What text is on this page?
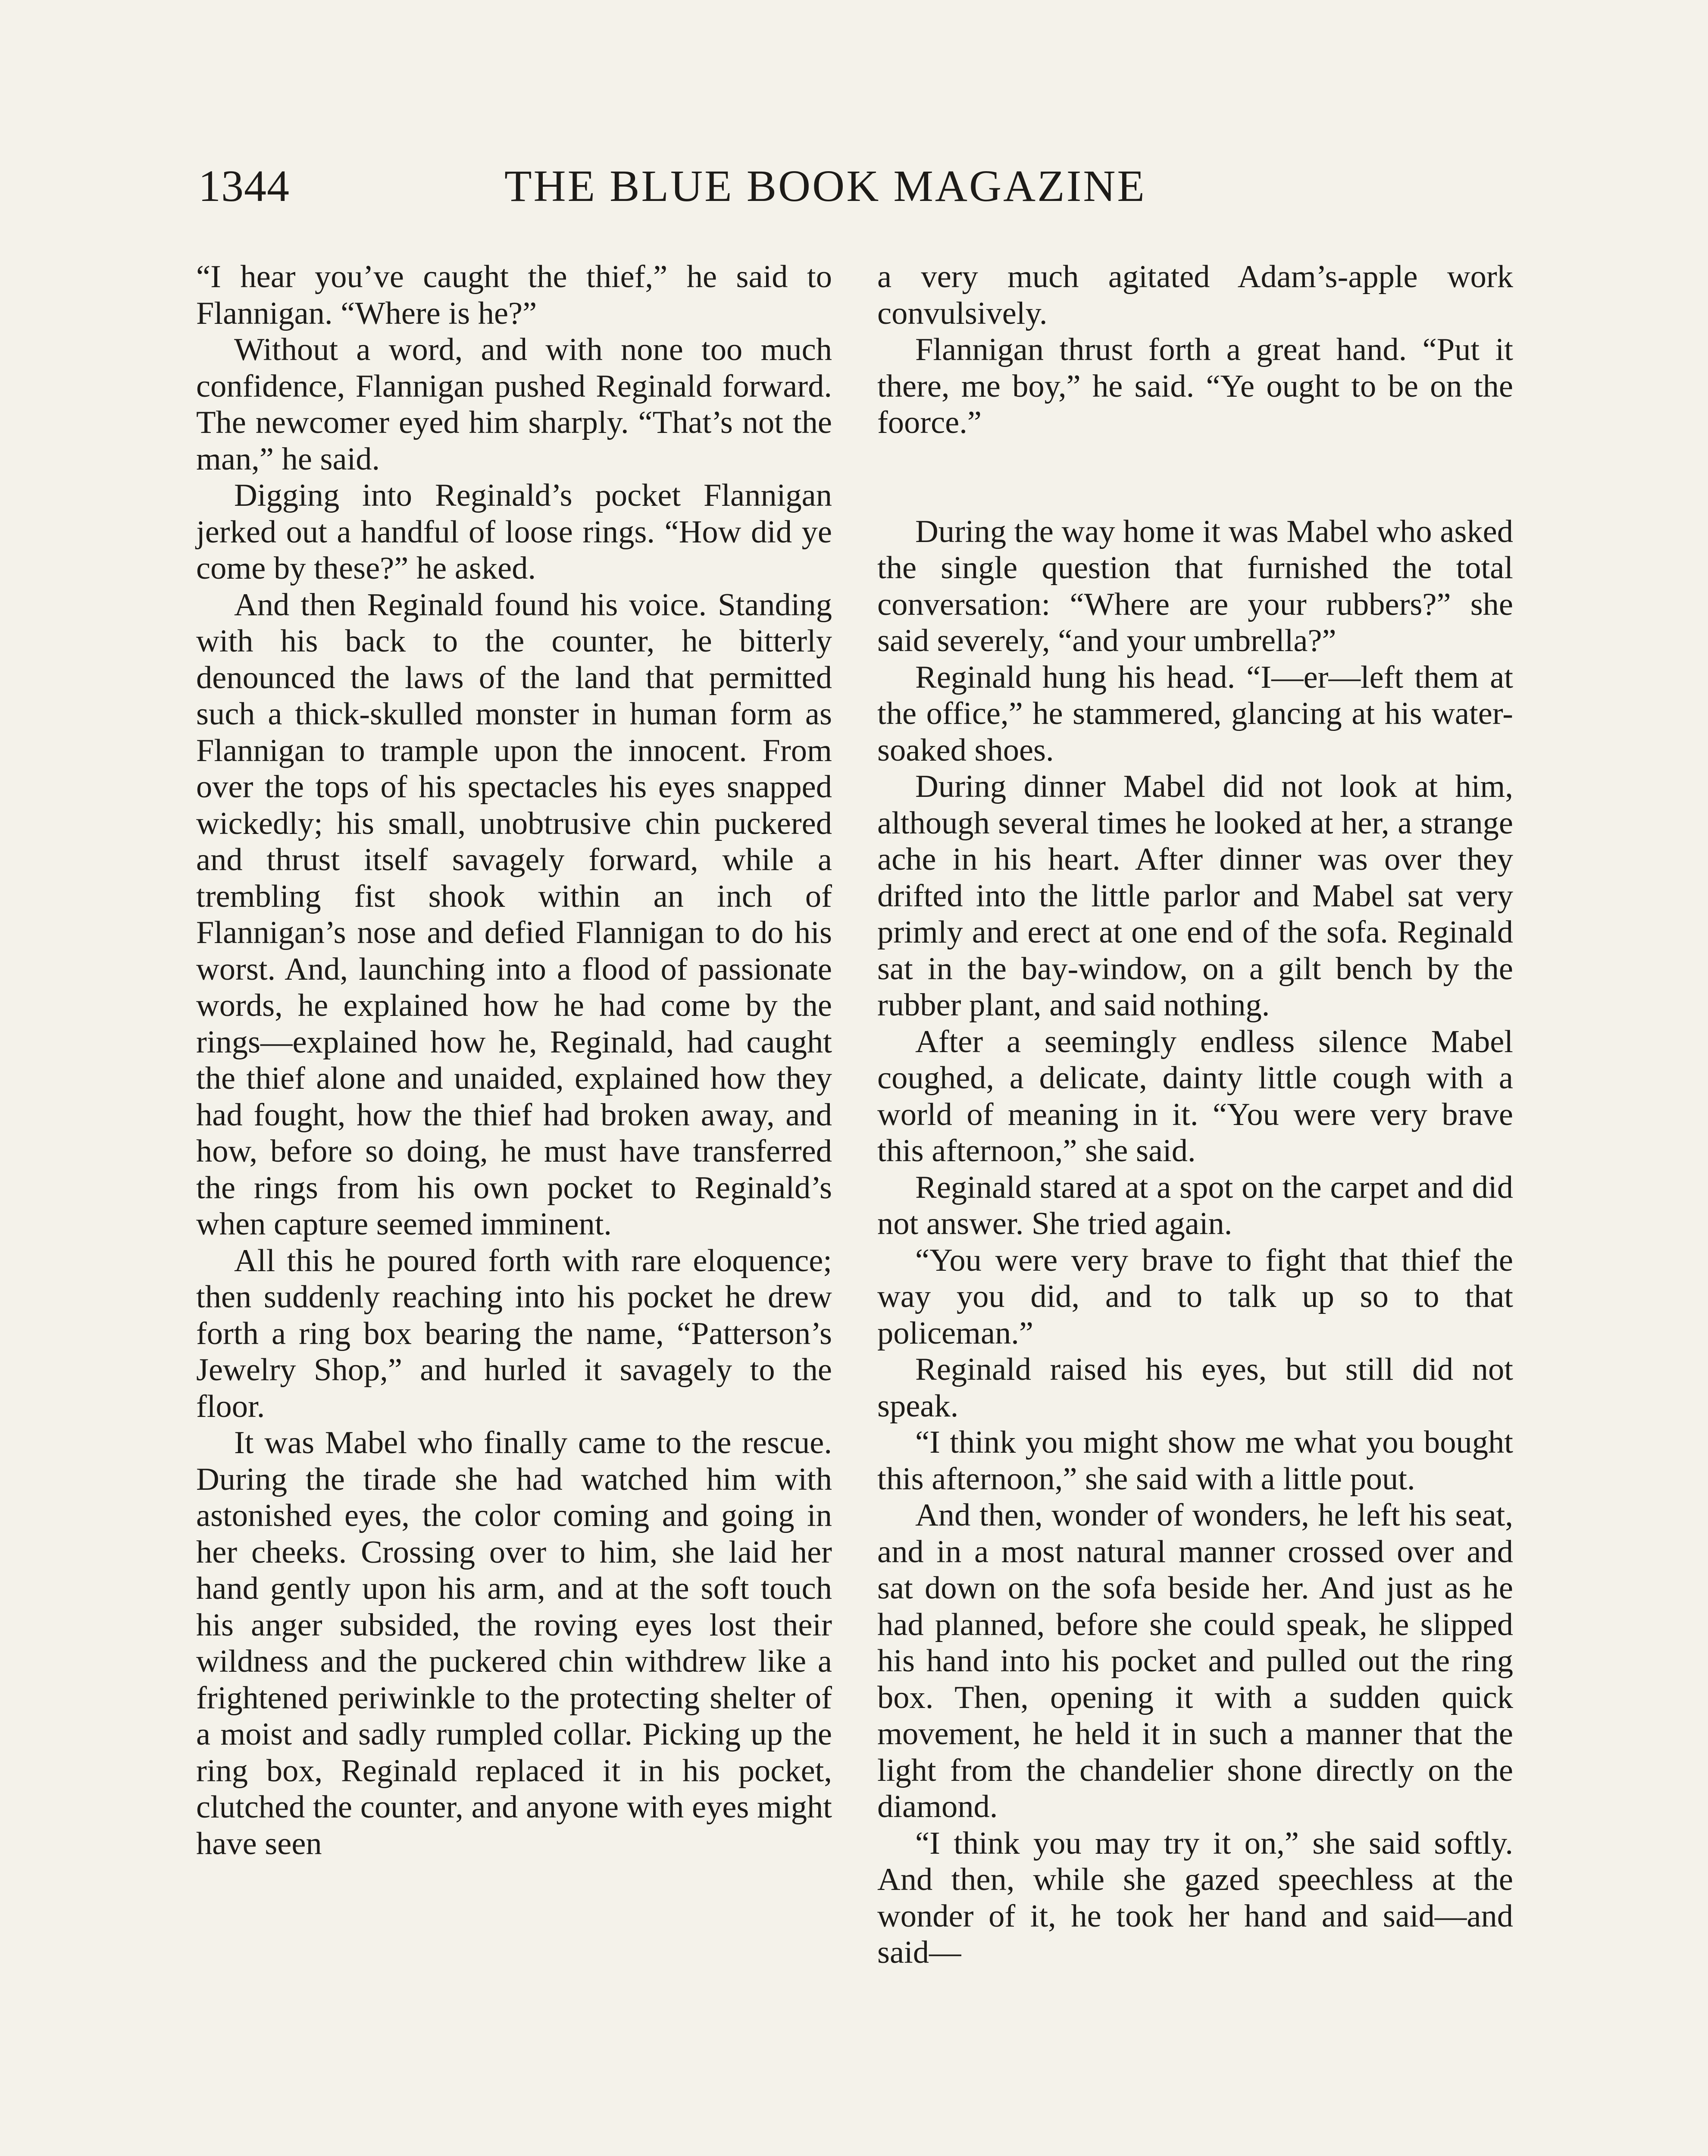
1344	THE BLUE BOOK MAGAZINE

“I hear you’ve caught the thief,” he said to Flannigan. “Where is he?”

Without a word, and with none too much confidence, Flannigan pushed Reginald forward. The newcomer eyed him sharply. “That’s not the man,” he said.

Digging into Reginald’s pocket Flannigan jerked out a handful of loose rings. “How did ye come by these?” he asked.

And then Reginald found his voice. Standing with his back to the counter, he bitterly denounced the laws of the land that permitted such a thick-skulled monster in human form as Flannigan to trample upon the innocent. From over the tops of his spectacles his eyes snapped wickedly; his small, unobtrusive chin puckered and thrust itself savagely forward, while a trembling fist shook within an inch of Flannigan’s nose and defied Flannigan to do his worst. And, launching into a flood of passionate words, he explained how he had come by the rings—explained how he, Reginald, had caught the thief alone and unaided, explained how they had fought, how the thief had broken away, and how, before so doing, he must have transferred the rings from his own pocket to Reginald’s when capture seemed imminent.

All this he poured forth with rare eloquence; then suddenly reaching into his pocket he drew forth a ring box bearing the name, “Patterson’s Jewelry Shop,” and hurled it savagely to the floor.

It was Mabel who finally came to the rescue. During the tirade she had watched him with astonished eyes, the color coming and going in her cheeks. Crossing over to him, she laid her hand gently upon his arm, and at the soft touch his anger subsided, the roving eyes lost their wildness and the puckered chin withdrew like a frightened periwinkle to the protecting shelter of a moist and sadly rumpled collar. Picking up the ring box, Reginald replaced it in his pocket, clutched the counter, and anyone with eyes might have seen

a very much agitated Adam’s-apple work convulsively.

Flannigan thrust forth a great hand. “Put it there, me boy,” he said. “Ye ought to be on the foorce.”

During the way home it was Mabel who asked the single question that furnished the total conversation: “Where are your rubbers?” she said severely, “and your umbrella?”

Reginald hung his head. “I—er—left them at the office,” he stammered, glancing at his water-soaked shoes.

During dinner Mabel did not look at him, although several times he looked at her, a strange ache in his heart. After dinner was over they drifted into the little parlor and Mabel sat very primly and erect at one end of the sofa. Reginald sat in the bay-window, on a gilt bench by the rubber plant, and said nothing.

After a seemingly endless silence Mabel coughed, a delicate, dainty little cough with a world of meaning in it. “You were very brave this afternoon,” she said.

Reginald stared at a spot on the carpet and did not answer. She tried again.

“You were very brave to fight that thief the way you did, and to talk up so to that policeman.”

Reginald raised his eyes, but still did not speak.

“I think you might show me what you bought this afternoon,” she said with a little pout.

And then, wonder of wonders, he left his seat, and in a most natural manner crossed over and sat down on the sofa beside her. And just as he had planned, before she could speak, he slipped his hand into his pocket and pulled out the ring box. Then, opening it with a sudden quick movement, he held it in such a manner that the light from the chandelier shone directly on the diamond.

“I think you may try it on,” she said softly. And then, while she gazed speechless at the wonder of it, he took her hand and said—and said—
